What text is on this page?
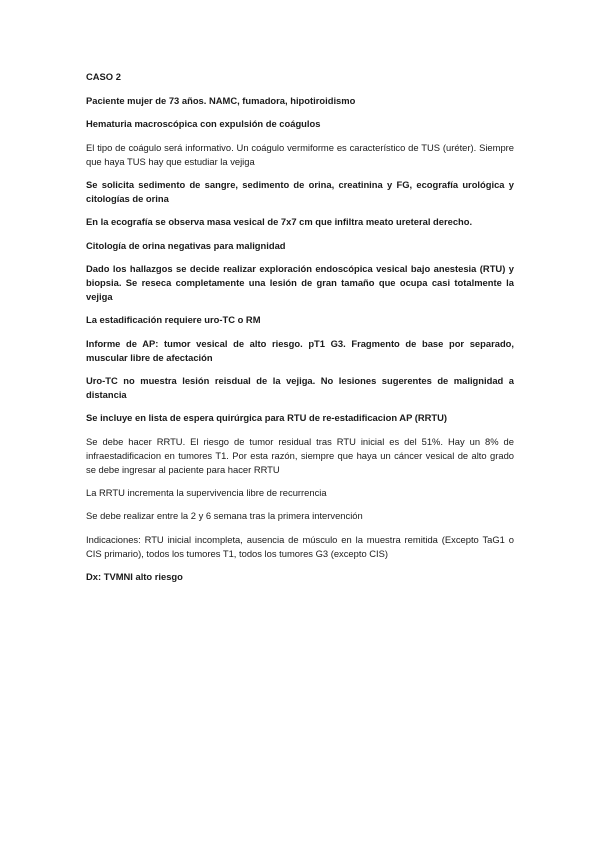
CASO 2

Paciente mujer de 73 años. NAMC, fumadora, hipotiroidismo

Hematuria macroscópica con expulsión de coágulos

El tipo de coágulo será informativo. Un coágulo vermiforme es característico de TUS (uréter). Siempre que haya TUS hay que estudiar la vejiga

Se solicita sedimento de sangre, sedimento de orina, creatinina y FG, ecografía urológica y citologías de orina

En la ecografía se observa masa vesical de 7x7 cm que infiltra meato ureteral derecho.

Citología de orina negativas para malignidad

Dado los hallazgos se decide realizar exploración endoscópica vesical bajo anestesia (RTU) y biopsia. Se reseca completamente una lesión de gran tamaño que ocupa casi totalmente la vejiga

La estadificación requiere uro-TC o RM

Informe de AP: tumor vesical de alto riesgo. pT1 G3. Fragmento de base por separado, muscular libre de afectación

Uro-TC no muestra lesión reisdual de la vejiga. No lesiones sugerentes de malignidad a distancia

Se incluye en lista de espera quirúrgica para RTU de re-estadificacion AP (RRTU)

Se debe hacer RRTU. El riesgo de tumor residual tras RTU inicial es del 51%. Hay un 8% de infraestadificacion en tumores T1. Por esta razón, siempre que haya un cáncer vesical de alto grado se debe ingresar al paciente para hacer RRTU

La RRTU incrementa la supervivencia libre de recurrencia

Se debe realizar entre la 2 y 6 semana tras la primera intervención

Indicaciones: RTU inicial incompleta, ausencia de músculo en la muestra remitida (Excepto TaG1 o CIS primario), todos los tumores T1, todos los tumores G3 (excepto CIS)

Dx: TVMNI alto riesgo
